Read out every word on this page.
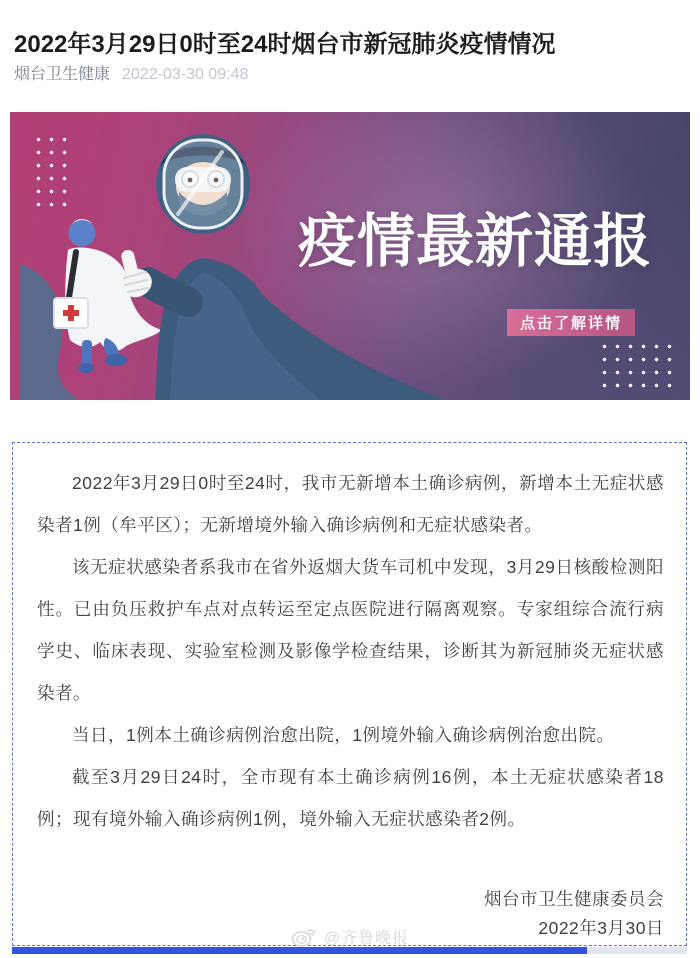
2022年3月29日0时至24时烟台市新冠肺炎疫情情况
烟台卫生健康 2022-03-30 09:48
疫情最新通报
点击了解详情

2022年3月29日0时至24时，我市无新增本土确诊病例，新增本土无症状感染者1例（牟平区）；无新增境外输入确诊病例和无症状感染者。

该无症状感染者系我市在省外返烟大货车司机中发现，3月29日核酸检测阳性。已由负压救护车点对点转运至定点医院进行隔离观察。专家组综合流行病学史、临床表现、实验室检测及影像学检查结果，诊断其为新冠肺炎无症状感染者。

当日，1例本土确诊病例治愈出院，1例境外输入确诊病例治愈出院。

截至3月29日24时，全市现有本土确诊病例16例，本土无症状感染者18例；现有境外输入确诊病例1例，境外输入无症状感染者2例。

烟台市卫生健康委员会
2022年3月30日
@齐鲁晚报
